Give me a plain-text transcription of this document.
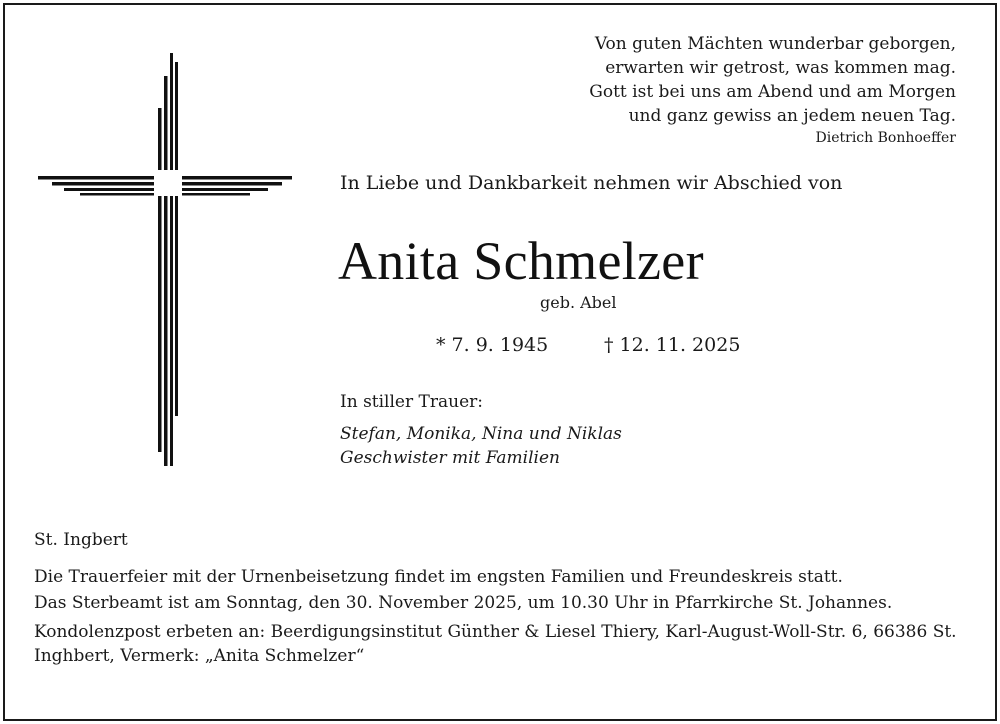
Von guten Mächten wunderbar geborgen,
erwarten wir getrost, was kommen mag.
Gott ist bei uns am Abend und am Morgen
und ganz gewiss an jedem neuen Tag.
Dietrich Bonhoeffer
In Liebe und Dankbarkeit nehmen wir Abschied von
Anita Schmelzer
geb. Abel
* 7. 9. 1945	† 12. 11. 2025
In stiller Trauer:
Stefan, Monika, Nina und Niklas
Geschwister mit Familien
St. Ingbert

Die Trauerfeier mit der Urnenbeisetzung findet im engsten Familien und Freundeskreis statt.

Das Sterbeamt ist am Sonntag, den 30. November 2025, um 10.30 Uhr in Pfarrkirche St. Johannes.

Kondolenzpost erbeten an: Beerdigungsinstitut Günther & Liesel Thiery, Karl-August-Woll-Str. 6, 66386 St. Inghbert, Vermerk: „Anita Schmelzer“
